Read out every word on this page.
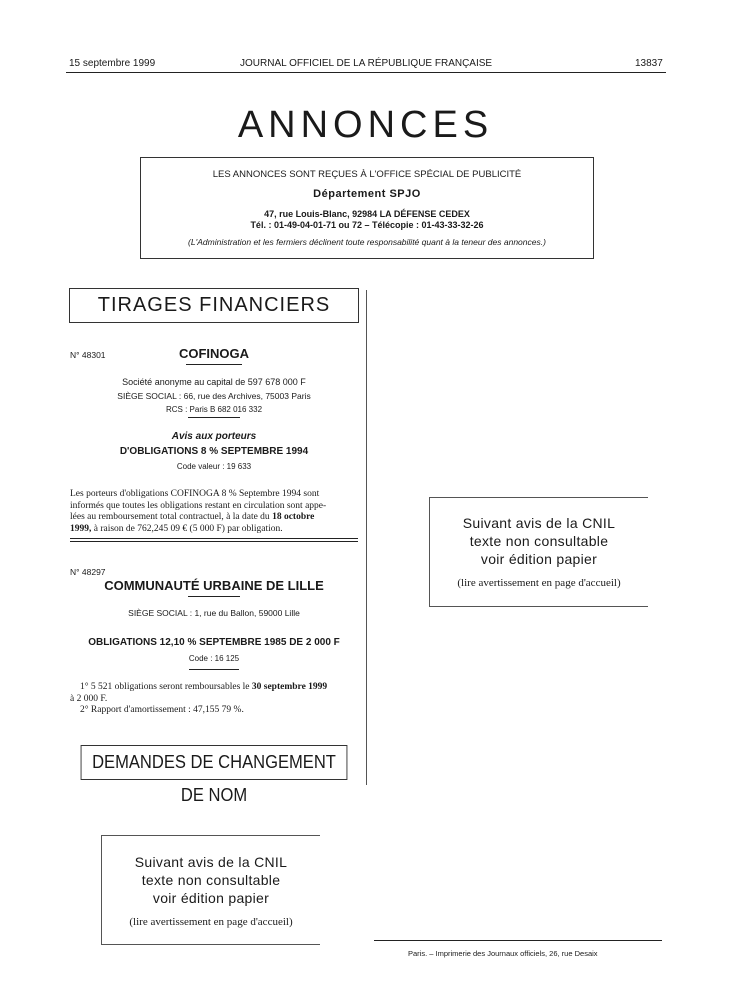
15 septembre 1999	JOURNAL OFFICIEL DE LA RÉPUBLIQUE FRANÇAISE	13837
ANNONCES
LES ANNONCES SONT REÇUES À L'OFFICE SPÉCIAL DE PUBLICITÉ
Département SPJO
47, rue Louis-Blanc, 92984 LA DÉFENSE CEDEX
Tél. : 01-49-04-01-71 ou 72 – Télécopie : 01-43-33-32-26
(L'Administration et les fermiers déclinent toute responsabilité quant à la teneur des annonces.)
TIRAGES FINANCIERS
N° 48301	COFINOGA
Société anonyme au capital de 597 678 000 F
SIÈGE SOCIAL : 66, rue des Archives, 75003 Paris
RCS : Paris B 682 016 332
Avis aux porteurs
D'OBLIGATIONS 8 % SEPTEMBRE 1994
Code valeur : 19 633
Les porteurs d'obligations COFINOGA 8 % Septembre 1994 sont
informés que toutes les obligations restant en circulation sont appe-
lées au remboursement total contractuel, à la date du 18 octobre
1999, à raison de 762,245 09 € (5 000 F) par obligation.
N° 48297
COMMUNAUTÉ URBAINE DE LILLE
SIÈGE SOCIAL : 1, rue du Ballon, 59000 Lille
OBLIGATIONS 12,10 % SEPTEMBRE 1985 DE 2 000 F
Code : 16 125
1° 5 521 obligations seront remboursables le 30 septembre 1999
à 2 000 F.
2° Rapport d'amortissement : 47,155 79 %.
DEMANDES DE CHANGEMENT DE NOM
Suivant avis de la CNIL
texte non consultable
voir édition papier
(lire avertissement en page d'accueil)
Suivant avis de la CNIL
texte non consultable
voir édition papier
(lire avertissement en page d'accueil)
Paris. – Imprimerie des Journaux officiels, 26, rue Desaix
